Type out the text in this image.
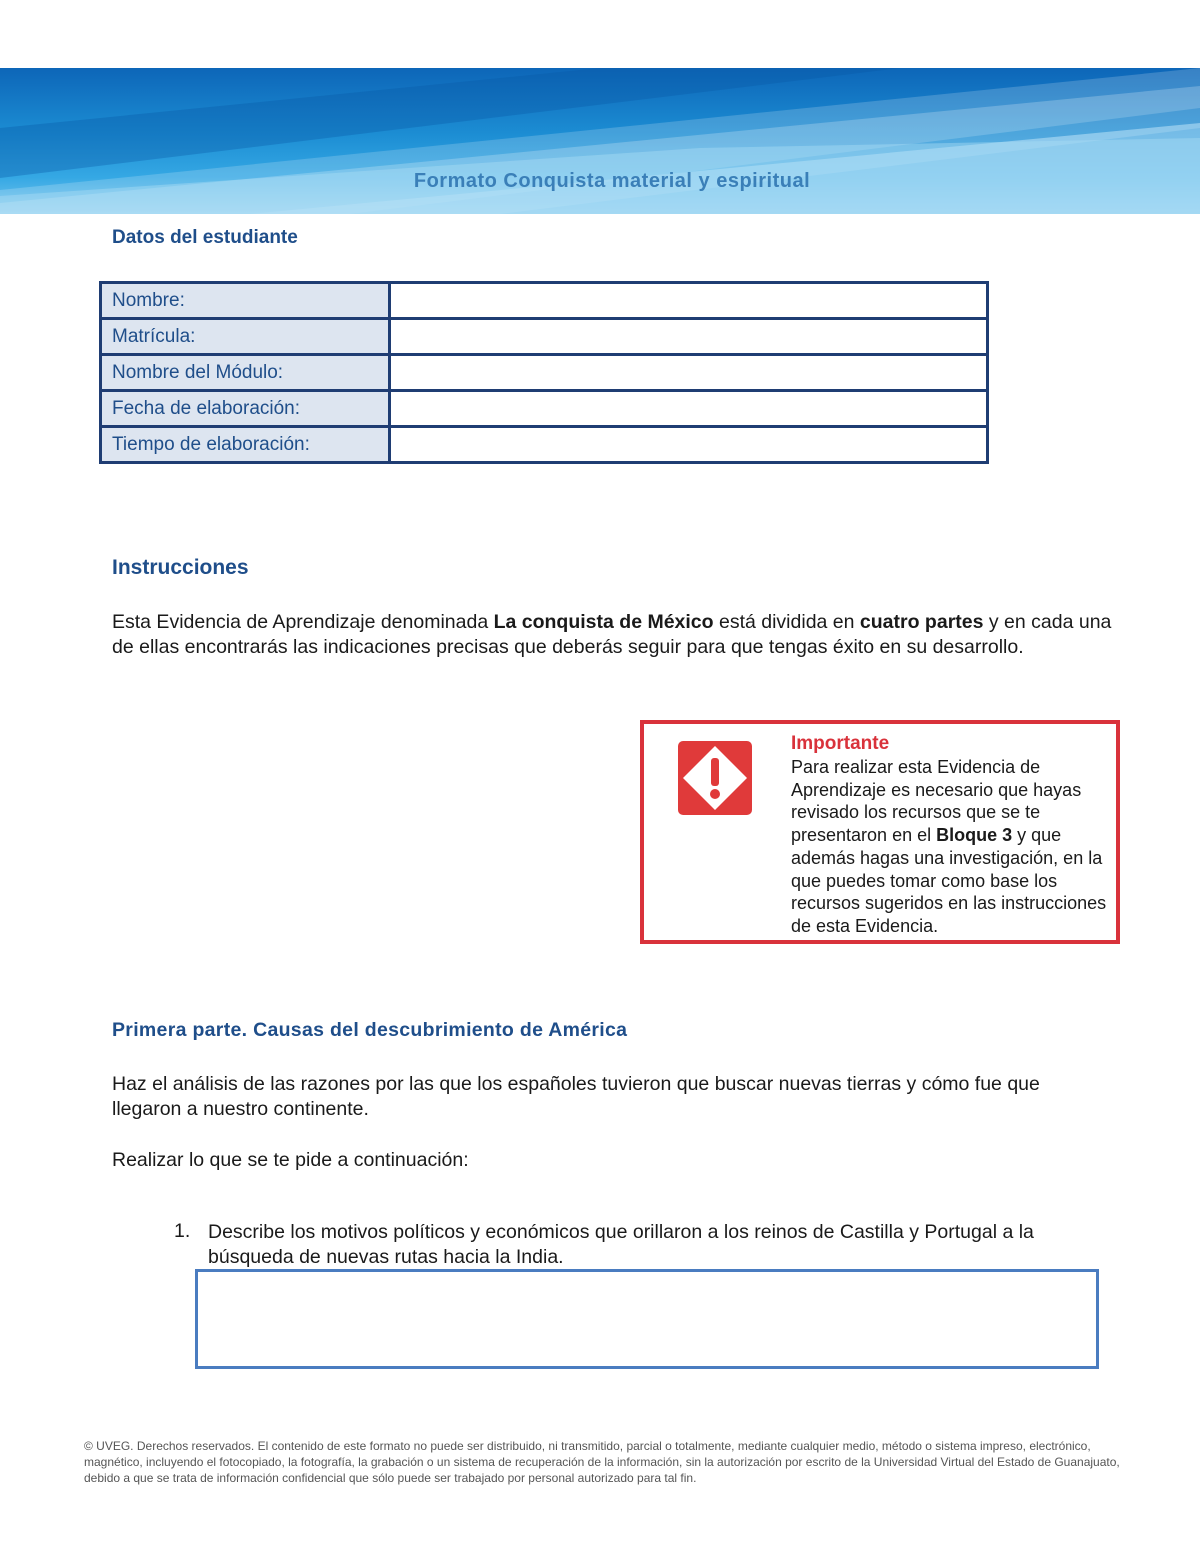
Formato Conquista material y espiritual
Datos del estudiante
Nombre:	
Matrícula:	
Nombre del Módulo:	
Fecha de elaboración:	
Tiempo de elaboración:	
Instrucciones
Esta Evidencia de Aprendizaje denominada La conquista de México está dividida en cuatro partes y en cada una de ellas encontrarás las indicaciones precisas que deberás seguir para que tengas éxito en su desarrollo.
Importante
Para realizar esta Evidencia de Aprendizaje es necesario que hayas revisado los recursos que se te presentaron en el Bloque 3 y que además hagas una investigación, en la que puedes tomar como base los recursos sugeridos en las instrucciones de esta Evidencia.
Primera parte. Causas del descubrimiento de América
Haz el análisis de las razones por las que los españoles tuvieron que buscar nuevas tierras y cómo fue que llegaron a nuestro continente.
Realizar lo que se te pide a continuación:
1. Describe los motivos políticos y económicos que orillaron a los reinos de Castilla y Portugal a la búsqueda de nuevas rutas hacia la India.
© UVEG. Derechos reservados. El contenido de este formato no puede ser distribuido, ni transmitido, parcial o totalmente, mediante cualquier medio, método o sistema impreso, electrónico, magnético, incluyendo el fotocopiado, la fotografía, la grabación o un sistema de recuperación de la información, sin la autorización por escrito de la Universidad Virtual del Estado de Guanajuato, debido a que se trata de información confidencial que sólo puede ser trabajado por personal autorizado para tal fin.
